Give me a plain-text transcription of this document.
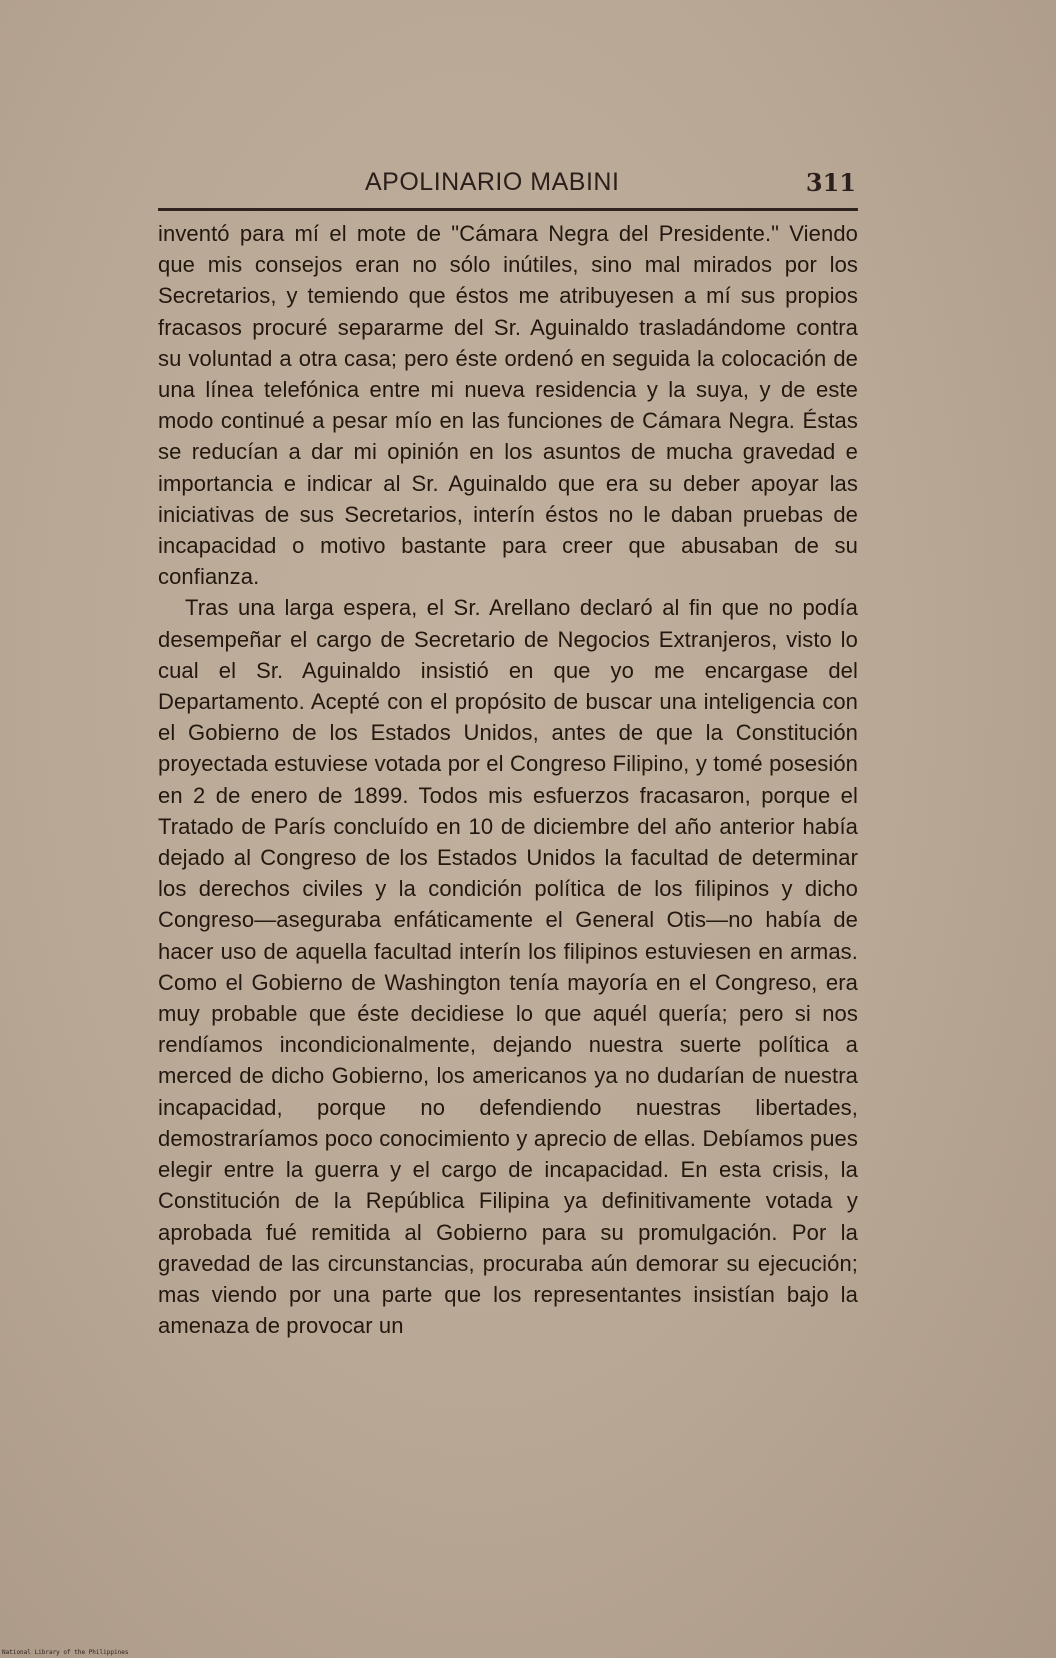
APOLINARIO MABINI	311

inventó para mí el mote de "Cámara Negra del Presidente." Viendo que mis consejos eran no sólo inútiles, sino mal mirados por los Secretarios, y temiendo que éstos me atribuyesen a mí sus propios fracasos procuré separarme del Sr. Aguinaldo trasladándome contra su voluntad a otra casa; pero éste ordenó en seguida la colocación de una línea telefónica entre mi nueva residencia y la suya, y de este modo continué a pesar mío en las funciones de Cámara Negra. Éstas se reducían a dar mi opinión en los asuntos de mucha gravedad e importancia e indicar al Sr. Aguinaldo que era su deber apoyar las iniciativas de sus Secretarios, interín éstos no le daban pruebas de incapacidad o motivo bastante para creer que abusaban de su confianza.

Tras una larga espera, el Sr. Arellano declaró al fin que no podía desempeñar el cargo de Secretario de Negocios Extranjeros, visto lo cual el Sr. Aguinaldo insistió en que yo me encargase del Departamento. Acepté con el propósito de buscar una inteligencia con el Gobierno de los Estados Unidos, antes de que la Constitución proyectada estuviese votada por el Congreso Filipino, y tomé posesión en 2 de enero de 1899. Todos mis esfuerzos fracasaron, porque el Tratado de París concluído en 10 de diciembre del año anterior había dejado al Congreso de los Estados Unidos la facultad de determinar los derechos civiles y la condición política de los filipinos y dicho Congreso—aseguraba enfáticamente el General Otis—no había de hacer uso de aquella facultad interín los filipinos estuviesen en armas. Como el Gobierno de Washington tenía mayoría en el Congreso, era muy probable que éste decidiese lo que aquél quería; pero si nos rendíamos incondicionalmente, dejando nuestra suerte política a merced de dicho Gobierno, los americanos ya no dudarían de nuestra incapacidad, porque no defendiendo nuestras libertades, demostraríamos poco conocimiento y aprecio de ellas. Debíamos pues elegir entre la guerra y el cargo de incapacidad. En esta crisis, la Constitución de la República Filipina ya definitivamente votada y aprobada fué remitida al Gobierno para su promulgación. Por la gravedad de las circunstancias, procuraba aún demorar su ejecución; mas viendo por una parte que los representantes insistían bajo la amenaza de provocar un

National Library of the Philippines
